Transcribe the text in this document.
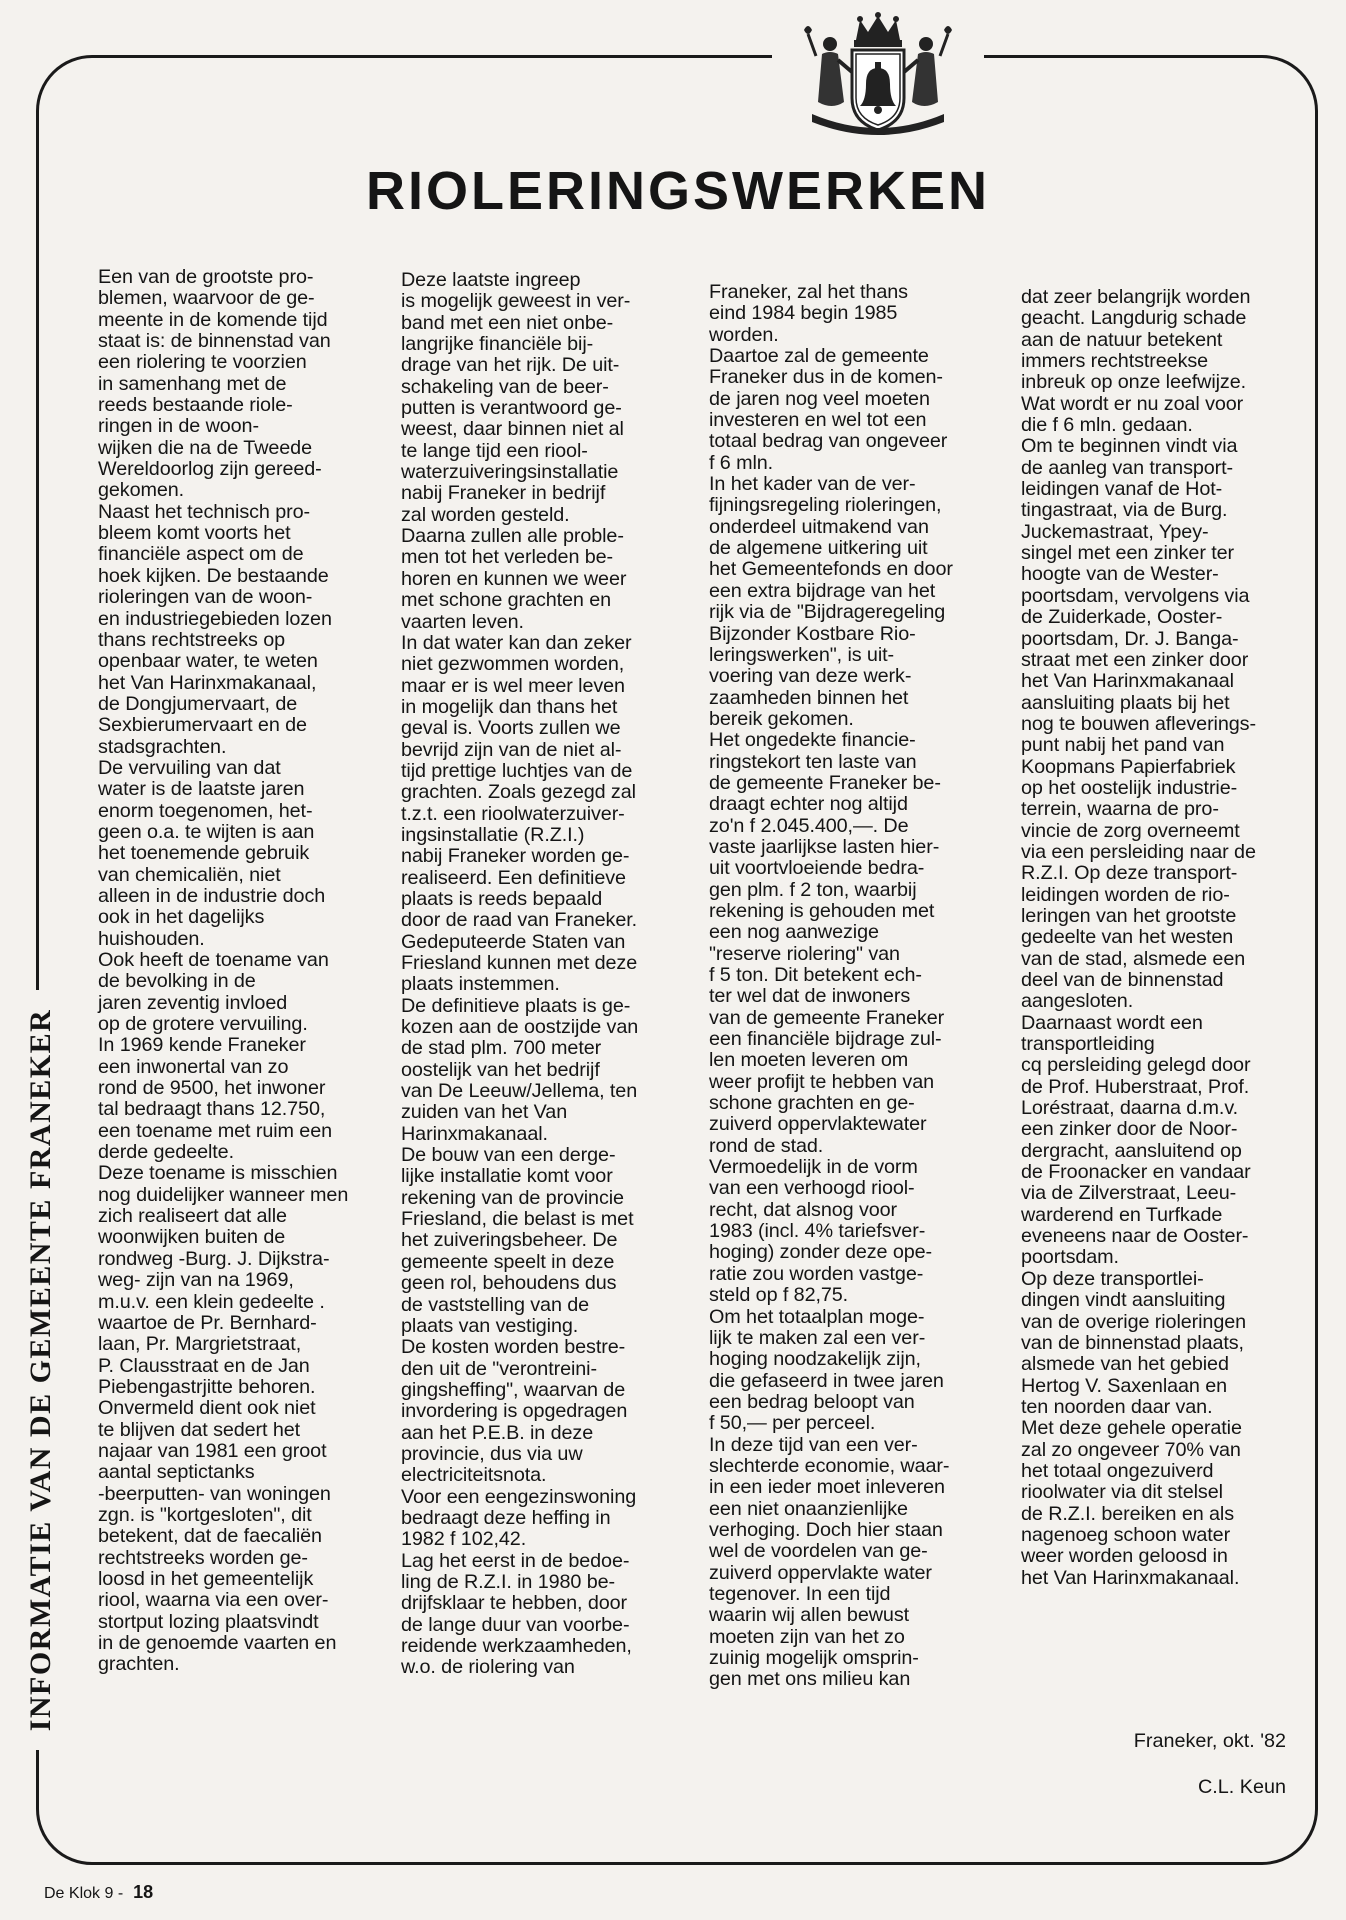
INFORMATIE VAN DE GEMEENTE FRANEKER
RIOLERINGSWERKEN

Een van de grootste pro-
blemen, waarvoor de ge-
meente in de komende tijd
staat is: de binnenstad van
een riolering te voorzien
in samenhang met de
reeds bestaande riole-
ringen in de woon-
wijken die na de Tweede
Wereldoorlog zijn gereed-
gekomen.
Naast het technisch pro-
bleem komt voorts het
financiële aspect om de
hoek kijken. De bestaande
rioleringen van de woon-
en industriegebieden lozen
thans rechtstreeks op
openbaar water, te weten
het Van Harinxmakanaal,
de Dongjumervaart, de
Sexbierumervaart en de
stadsgrachten.
De vervuiling van dat
water is de laatste jaren
enorm toegenomen, het-
geen o.a. te wijten is aan
het toenemende gebruik
van chemicaliën, niet
alleen in de industrie doch
ook in het dagelijks
huishouden.
Ook heeft de toename van
de bevolking in de
jaren zeventig invloed
op de grotere vervuiling.
In 1969 kende Franeker
een inwonertal van zo
rond de 9500, het inwoner
tal bedraagt thans 12.750,
een toename met ruim een
derde gedeelte.
Deze toename is misschien
nog duidelijker wanneer men
zich realiseert dat alle
woonwijken buiten de
rondweg -Burg. J. Dijkstra-
weg- zijn van na 1969,
m.u.v. een klein gedeelte .
waartoe de Pr. Bernhard-
laan, Pr. Margrietstraat,
P. Clausstraat en de Jan
Piebengastrjitte behoren.
Onvermeld dient ook niet
te blijven dat sedert het
najaar van 1981 een groot
aantal septictanks
-beerputten- van woningen
zgn. is "kortgesloten", dit
betekent, dat de faecaliën
rechtstreeks worden ge-
loosd in het gemeentelijk
riool, waarna via een over-
stortput lozing plaatsvindt
in de genoemde vaarten en
grachten.

Deze laatste ingreep
is mogelijk geweest in ver-
band met een niet onbe-
langrijke financiële bij-
drage van het rijk. De uit-
schakeling van de beer-
putten is verantwoord ge-
weest, daar binnen niet al
te lange tijd een riool-
waterzuiveringsinstallatie
nabij Franeker in bedrijf
zal worden gesteld.
Daarna zullen alle proble-
men tot het verleden be-
horen en kunnen we weer
met schone grachten en
vaarten leven.
In dat water kan dan zeker
niet gezwommen worden,
maar er is wel meer leven
in mogelijk dan thans het
geval is. Voorts zullen we
bevrijd zijn van de niet al-
tijd prettige luchtjes van de
grachten. Zoals gezegd zal
t.z.t. een rioolwaterzuiver-
ingsinstallatie (R.Z.I.)
nabij Franeker worden ge-
realiseerd. Een definitieve
plaats is reeds bepaald
door de raad van Franeker.
Gedeputeerde Staten van
Friesland kunnen met deze
plaats instemmen.
De definitieve plaats is ge-
kozen aan de oostzijde van
de stad plm. 700 meter
oostelijk van het bedrijf
van De Leeuw/Jellema, ten
zuiden van het Van
Harinxmakanaal.
De bouw van een derge-
lijke installatie komt voor
rekening van de provincie
Friesland, die belast is met
het zuiveringsbeheer. De
gemeente speelt in deze
geen rol, behoudens dus
de vaststelling van de
plaats van vestiging.
De kosten worden bestre-
den uit de "verontreini-
gingsheffing", waarvan de
invordering is opgedragen
aan het P.E.B. in deze
provincie, dus via uw
electriciteitsnota.
Voor een eengezinswoning
bedraagt deze heffing in
1982 f 102,42.
Lag het eerst in de bedoe-
ling de R.Z.I. in 1980 be-
drijfsklaar te hebben, door
de lange duur van voorbe-
reidende werkzaamheden,
w.o. de riolering van

Franeker, zal het thans
eind 1984 begin 1985
worden.
Daartoe zal de gemeente
Franeker dus in de komen-
de jaren nog veel moeten
investeren en wel tot een
totaal bedrag van ongeveer
f 6 mln.
In het kader van de ver-
fijningsregeling rioleringen,
onderdeel uitmakend van
de algemene uitkering uit
het Gemeentefonds en door
een extra bijdrage van het
rijk via de "Bijdrageregeling
Bijzonder Kostbare Rio-
leringswerken", is uit-
voering van deze werk-
zaamheden binnen het
bereik gekomen.
Het ongedekte financie-
ringstekort ten laste van
de gemeente Franeker be-
draagt echter nog altijd
zo'n f 2.045.400,—. De
vaste jaarlijkse lasten hier-
uit voortvloeiende bedra-
gen plm. f 2 ton, waarbij
rekening is gehouden met
een nog aanwezige
"reserve riolering" van
f 5 ton. Dit betekent ech-
ter wel dat de inwoners
van de gemeente Franeker
een financiële bijdrage zul-
len moeten leveren om
weer profijt te hebben van
schone grachten en ge-
zuiverd oppervlaktewater
rond de stad.
Vermoedelijk in de vorm
van een verhoogd riool-
recht, dat alsnog voor
1983 (incl. 4% tariefsver-
hoging) zonder deze ope-
ratie zou worden vastge-
steld op f 82,75.
Om het totaalplan moge-
lijk te maken zal een ver-
hoging noodzakelijk zijn,
die gefaseerd in twee jaren
een bedrag beloopt van
f 50,— per perceel.
In deze tijd van een ver-
slechterde economie, waar-
in een ieder moet inleveren
een niet onaanzienlijke
verhoging. Doch hier staan
wel de voordelen van ge-
zuiverd oppervlakte water
tegenover. In een tijd
waarin wij allen bewust
moeten zijn van het zo
zuinig mogelijk omsprin-
gen met ons milieu kan

dat zeer belangrijk worden
geacht. Langdurig schade
aan de natuur betekent
immers rechtstreekse
inbreuk op onze leefwijze.
Wat wordt er nu zoal voor
die f 6 mln. gedaan.
Om te beginnen vindt via
de aanleg van transport-
leidingen vanaf de Hot-
tingastraat, via de Burg.
Juckemastraat, Ypey-
singel met een zinker ter
hoogte van de Wester-
poortsdam, vervolgens via
de Zuiderkade, Ooster-
poortsdam, Dr. J. Banga-
straat met een zinker door
het Van Harinxmakanaal
aansluiting plaats bij het
nog te bouwen afleverings-
punt nabij het pand van
Koopmans Papierfabriek
op het oostelijk industrie-
terrein, waarna de pro-
vincie de zorg overneemt
via een persleiding naar de
R.Z.I. Op deze transport-
leidingen worden de rio-
leringen van het grootste
gedeelte van het westen
van de stad, alsmede een
deel van de binnenstad
aangesloten.
Daarnaast wordt een transportleiding
cq persleiding gelegd door
de Prof. Huberstraat, Prof.
Loréstraat, daarna d.m.v.
een zinker door de Noor-
dergracht, aansluitend op
de Froonacker en vandaar
via de Zilverstraat, Leeu-
warderend en Turfkade
eveneens naar de Ooster-
poortsdam.
Op deze transportlei-
dingen vindt aansluiting
van de overige rioleringen
van de binnenstad plaats,
alsmede van het gebied
Hertog V. Saxenlaan en
ten noorden daar van.
Met deze gehele operatie
zal zo ongeveer 70% van
het totaal ongezuiverd
rioolwater via dit stelsel
de R.Z.I. bereiken en als
nagenoeg schoon water
weer worden geloosd in
het Van Harinxmakanaal.

Franeker, okt. '82

C.L. Keun

De Klok 9 - 18
